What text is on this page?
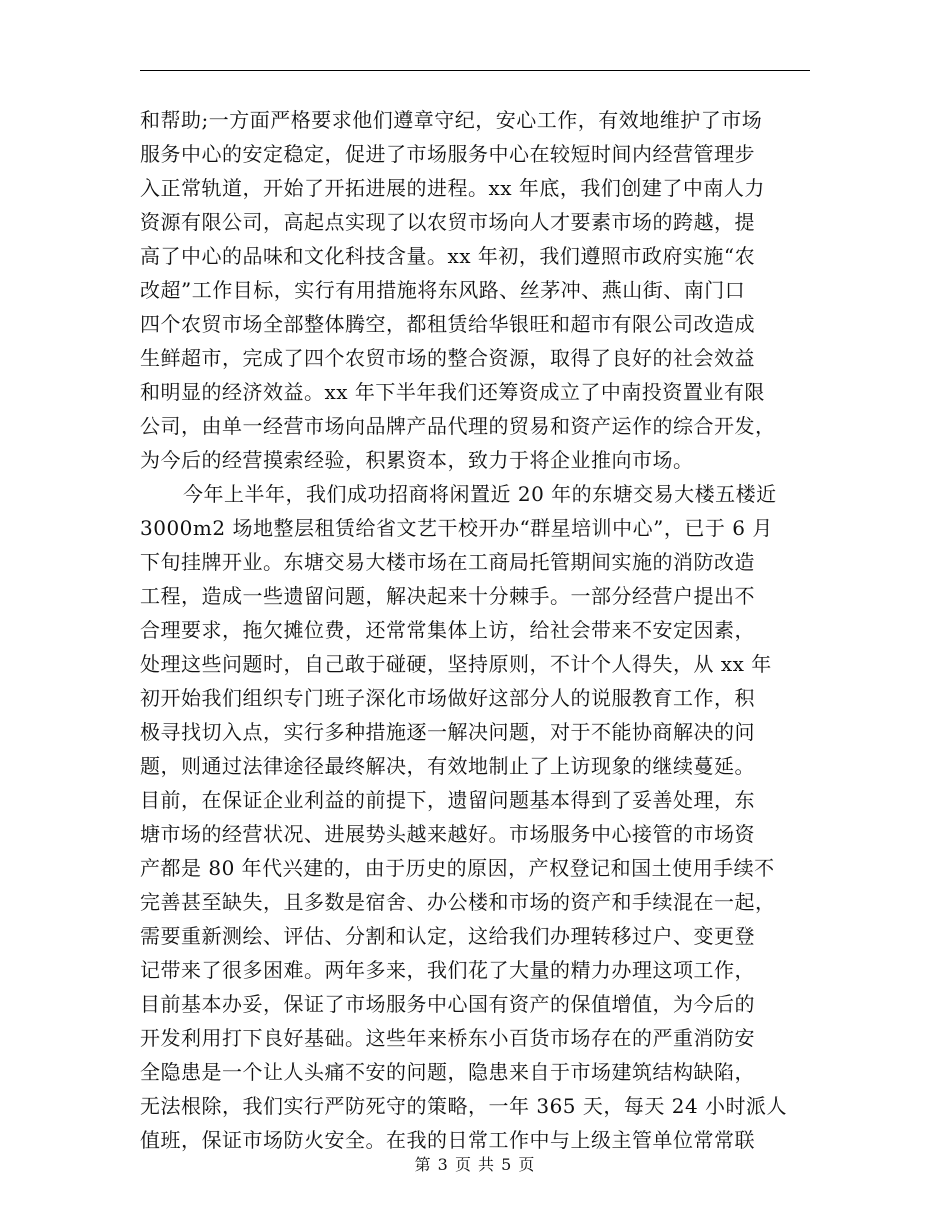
和帮助;一方面严格要求他们遵章守纪，安心工作，有效地维护了市场
服务中心的安定稳定，促进了市场服务中心在较短时间内经营管理步
入正常轨道，开始了开拓进展的进程。xx 年底，我们创建了中南人力
资源有限公司，高起点实现了以农贸市场向人才要素市场的跨越，提
高了中心的品味和文化科技含量。xx 年初，我们遵照市政府实施“农
改超”工作目标，实行有用措施将东风路、丝茅冲、燕山街、南门口
四个农贸市场全部整体腾空，都租赁给华银旺和超市有限公司改造成
生鲜超市，完成了四个农贸市场的整合资源，取得了良好的社会效益
和明显的经济效益。xx 年下半年我们还筹资成立了中南投资置业有限
公司，由单一经营市场向品牌产品代理的贸易和资产运作的综合开发，
为今后的经营摸索经验，积累资本，致力于将企业推向市场。
今年上半年，我们成功招商将闲置近 20 年的东塘交易大楼五楼近
3000m2 场地整层租赁给省文艺干校开办“群星培训中心”，已于 6 月
下旬挂牌开业。东塘交易大楼市场在工商局托管期间实施的消防改造
工程，造成一些遗留问题，解决起来十分棘手。一部分经营户提出不
合理要求，拖欠摊位费，还常常集体上访，给社会带来不安定因素，
处理这些问题时，自己敢于碰硬，坚持原则，不计个人得失，从 xx 年
初开始我们组织专门班子深化市场做好这部分人的说服教育工作，积
极寻找切入点，实行多种措施逐一解决问题，对于不能协商解决的问
题，则通过法律途径最终解决，有效地制止了上访现象的继续蔓延。
目前，在保证企业利益的前提下，遗留问题基本得到了妥善处理，东
塘市场的经营状况、进展势头越来越好。市场服务中心接管的市场资
产都是 80 年代兴建的，由于历史的原因，产权登记和国土使用手续不
完善甚至缺失，且多数是宿舍、办公楼和市场的资产和手续混在一起，
需要重新测绘、评估、分割和认定，这给我们办理转移过户、变更登
记带来了很多困难。两年多来，我们花了大量的精力办理这项工作，
目前基本办妥，保证了市场服务中心国有资产的保值增值，为今后的
开发利用打下良好基础。这些年来桥东小百货市场存在的严重消防安
全隐患是一个让人头痛不安的问题，隐患来自于市场建筑结构缺陷，
无法根除，我们实行严防死守的策略，一年 365 天，每天 24 小时派人
值班，保证市场防火安全。在我的日常工作中与上级主管单位常常联
第 3 页 共 5 页
